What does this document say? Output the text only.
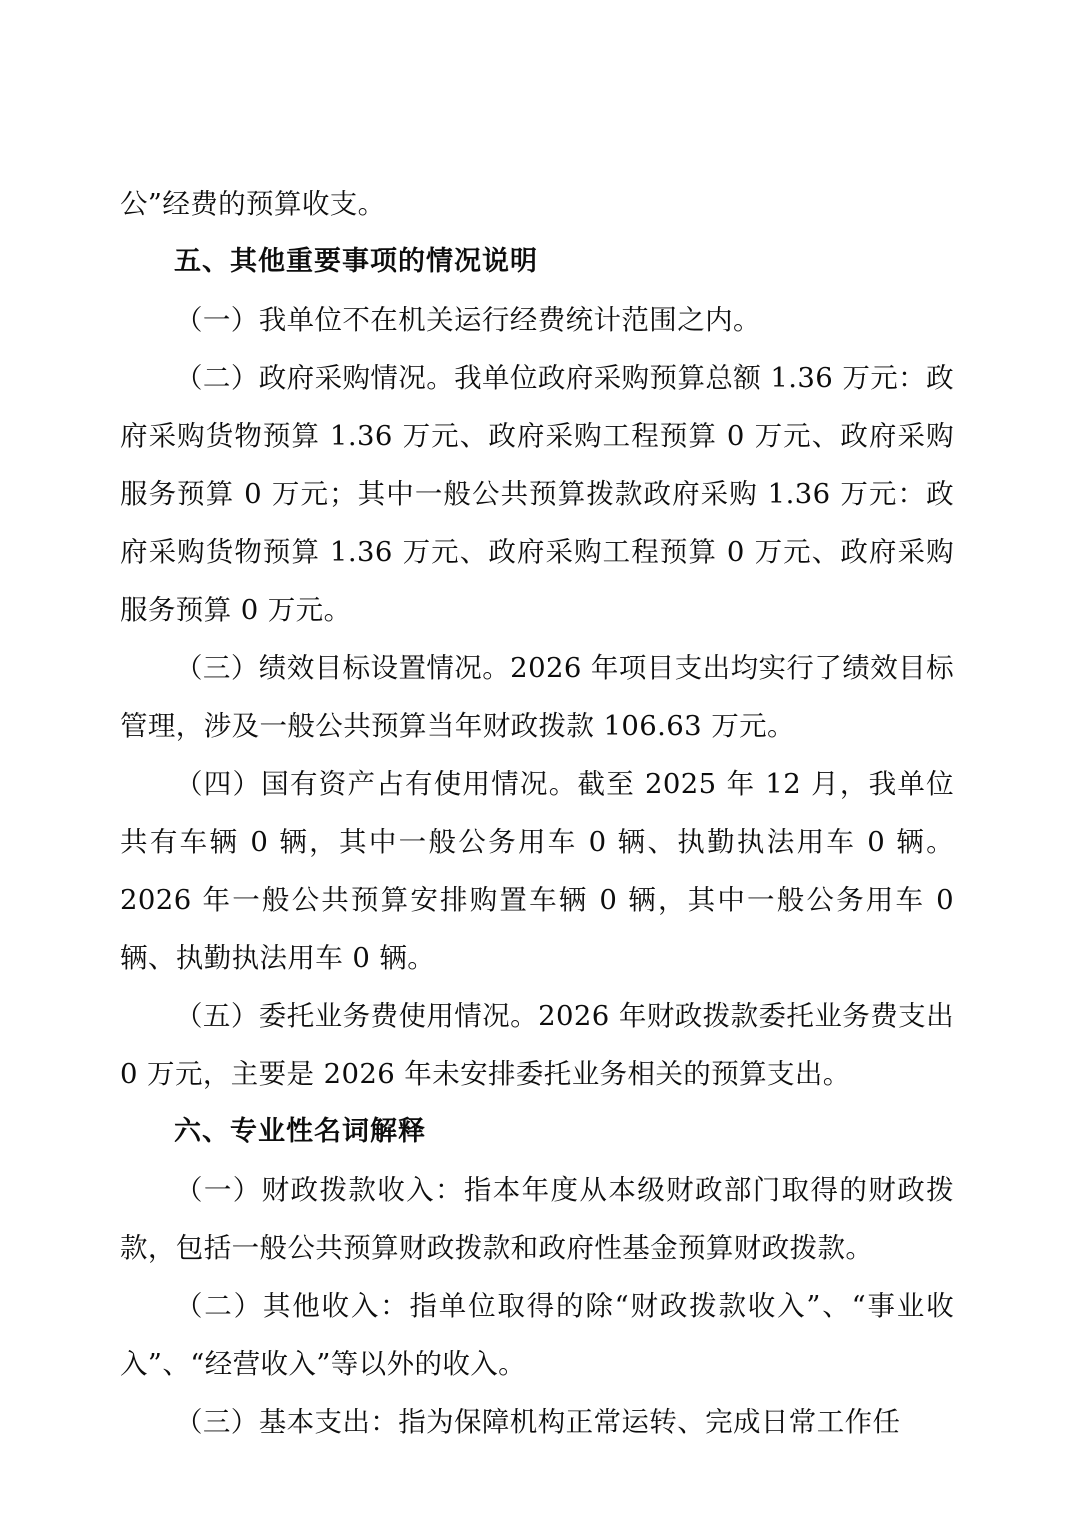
公”经费的预算收支。

五、其他重要事项的情况说明

（一）我单位不在机关运行经费统计范围之内。

（二）政府采购情况。我单位政府采购预算总额 1.36 万元：政府采购货物预算 1.36 万元、政府采购工程预算 0 万元、政府采购服务预算 0 万元；其中一般公共预算拨款政府采购 1.36 万元：政府采购货物预算 1.36 万元、政府采购工程预算 0 万元、政府采购服务预算 0 万元。

（三）绩效目标设置情况。2026 年项目支出均实行了绩效目标管理，涉及一般公共预算当年财政拨款 106.63 万元。

（四）国有资产占有使用情况。截至 2025 年 12 月，我单位共有车辆 0 辆，其中一般公务用车 0 辆、执勤执法用车 0 辆。2026 年一般公共预算安排购置车辆 0 辆，其中一般公务用车 0 辆、执勤执法用车 0 辆。

（五）委托业务费使用情况。2026 年财政拨款委托业务费支出 0 万元，主要是 2026 年未安排委托业务相关的预算支出。

六、专业性名词解释

（一）财政拨款收入：指本年度从本级财政部门取得的财政拨款，包括一般公共预算财政拨款和政府性基金预算财政拨款。

（二）其他收入：指单位取得的除“财政拨款收入”、“事业收入”、“经营收入”等以外的收入。

（三）基本支出：指为保障机构正常运转、完成日常工作任
